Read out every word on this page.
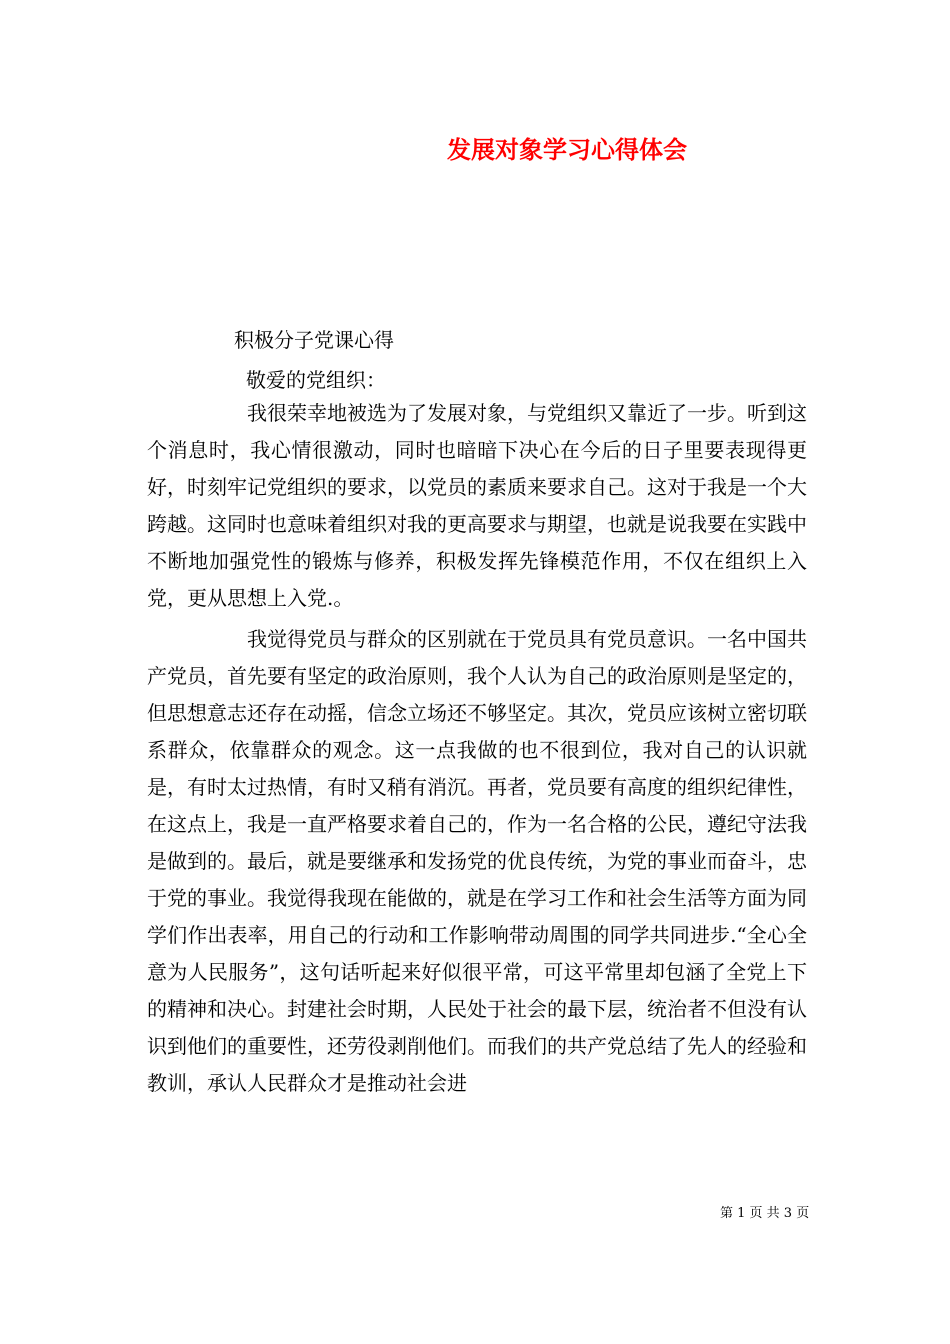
发展对象学习心得体会
积极分子党课心得
敬爱的党组织：

我很荣幸地被选为了发展对象，与党组织又靠近了一步。听到这个消息时，我心情很激动，同时也暗暗下决心在今后的日子里要表现得更好，时刻牢记党组织的要求，以党员的素质来要求自己。这对于我是一个大跨越。这同时也意味着组织对我的更高要求与期望，也就是说我要在实践中不断地加强党性的锻炼与修养，积极发挥先锋模范作用，不仅在组织上入党，更从思想上入党.。

我觉得党员与群众的区别就在于党员具有党员意识。一名中国共产党员，首先要有坚定的政治原则，我个人认为自己的政治原则是坚定的，但思想意志还存在动摇，信念立场还不够坚定。其次，党员应该树立密切联系群众，依靠群众的观念。这一点我做的也不很到位，我对自己的认识就是，有时太过热情，有时又稍有消沉。再者，党员要有高度的组织纪律性，在这点上，我是一直严格要求着自己的，作为一名合格的公民，遵纪守法我是做到的。最后，就是要继承和发扬党的优良传统，为党的事业而奋斗，忠于党的事业。我觉得我现在能做的，就是在学习工作和社会生活等方面为同学们作出表率，用自己的行动和工作影响带动周围的同学共同进步.“全心全意为人民服务”，这句话听起来好似很平常，可这平常里却包涵了全党上下的精神和决心。封建社会时期，人民处于社会的最下层，统治者不但没有认识到他们的重要性，还劳役剥削他们。而我们的共产党总结了先人的经验和教训，承认人民群众才是推动社会进

第 1 页 共 3 页
